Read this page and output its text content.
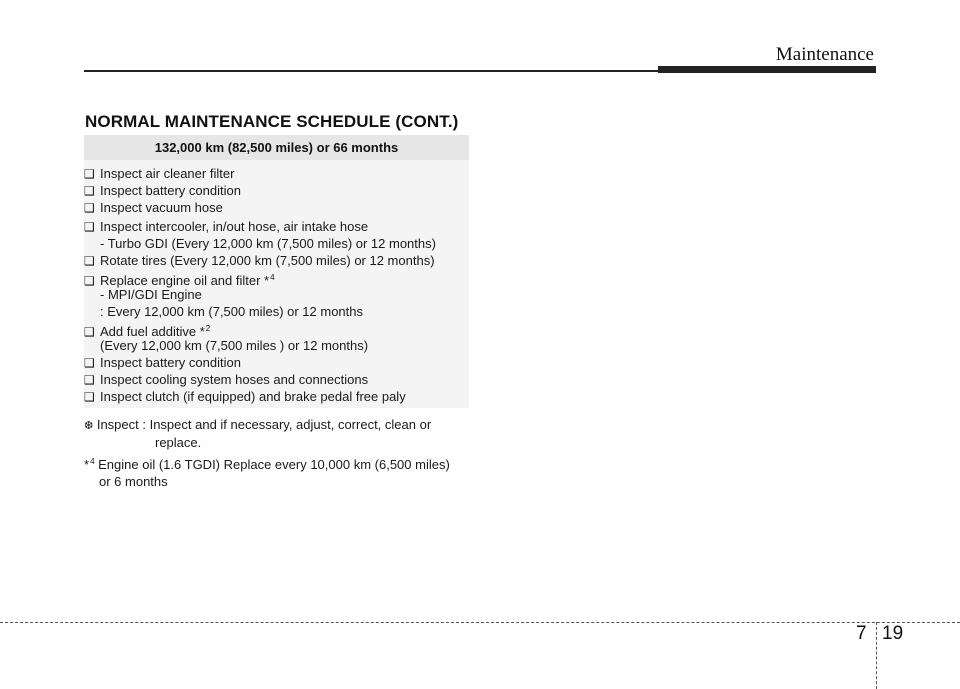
Maintenance
NORMAL MAINTENANCE SCHEDULE (CONT.)
132,000 km (82,500 miles) or 66 months
❑ Inspect air cleaner filter
❑ Inspect battery condition
❑ Inspect vacuum hose
❑ Inspect intercooler, in/out hose, air intake hose
- Turbo GDI (Every 12,000 km (7,500 miles) or 12 months)
❑ Rotate tires (Every 12,000 km (7,500 miles) or 12 months)
❑ Replace engine oil and filter *$^4$
- MPI/GDI Engine
: Every 12,000 km (7,500 miles) or 12 months
❑ Add fuel additive *$^2$
(Every 12,000 km (7,500 miles ) or 12 months)
❑ Inspect battery condition
❑ Inspect cooling system hoses and connections
❑ Inspect clutch (if equipped) and brake pedal free paly
❆ Inspect : Inspect and if necessary, adjust, correct, clean or
replace.
*$^4$ Engine oil (1.6 TGDI) Replace every 10,000 km (6,500 miles)
or 6 months
7 19
